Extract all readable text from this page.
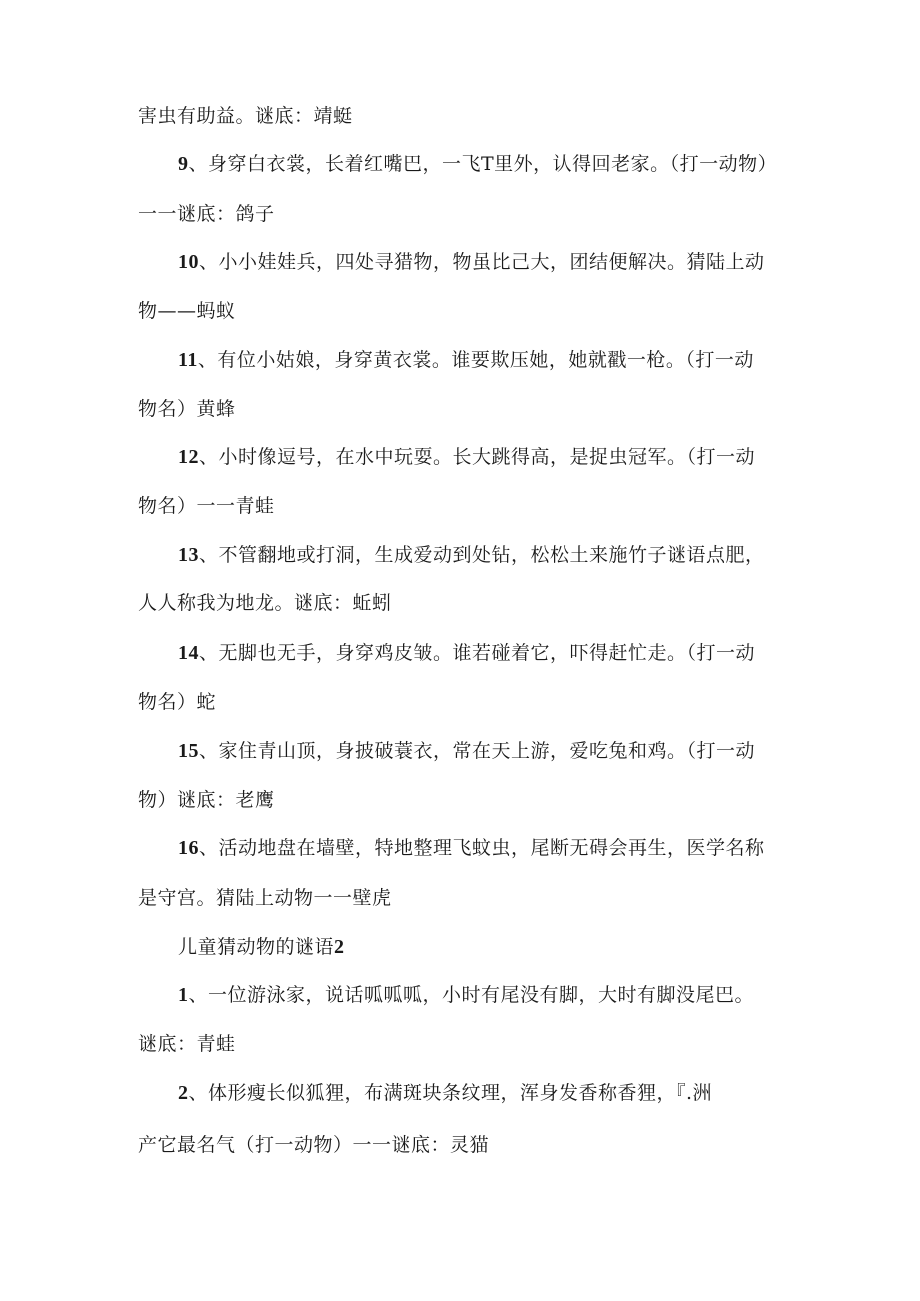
害虫有助益。谜底：靖蜓
9、身穿白衣裳，长着红嘴巴，一飞T里外，认得回老家。（打一动物）
一一谜底：鸽子
10、小小娃娃兵，四处寻猎物，物虽比己大，团结便解决。猜陆上动
物——蚂蚁
11、有位小姑娘，身穿黄衣裳。谁要欺压她，她就戳一枪。（打一动
物名）黄蜂
12、小时像逗号，在水中玩耍。长大跳得高，是捉虫冠军。（打一动
物名）一一青蛙
13、不管翻地或打洞，生成爱动到处钻，松松土来施竹子谜语点肥，
人人称我为地龙。谜底：蚯蚓
14、无脚也无手，身穿鸡皮皱。谁若碰着它，吓得赶忙走。（打一动
物名）蛇
15、家住青山顶，身披破蓑衣，常在天上游，爱吃兔和鸡。（打一动
物）谜底：老鹰
16、活动地盘在墙壁，特地整理飞蚊虫，尾断无碍会再生，医学名称
是守宫。猜陆上动物一一壁虎
儿童猜动物的谜语2
1、一位游泳家，说话呱呱呱，小时有尾没有脚，大时有脚没尾巴。
谜底：青蛙
2、体形瘦长似狐狸，布满斑块条纹理，浑身发香称香狸，『.洲
产它最名气（打一动物）一一谜底：灵猫
